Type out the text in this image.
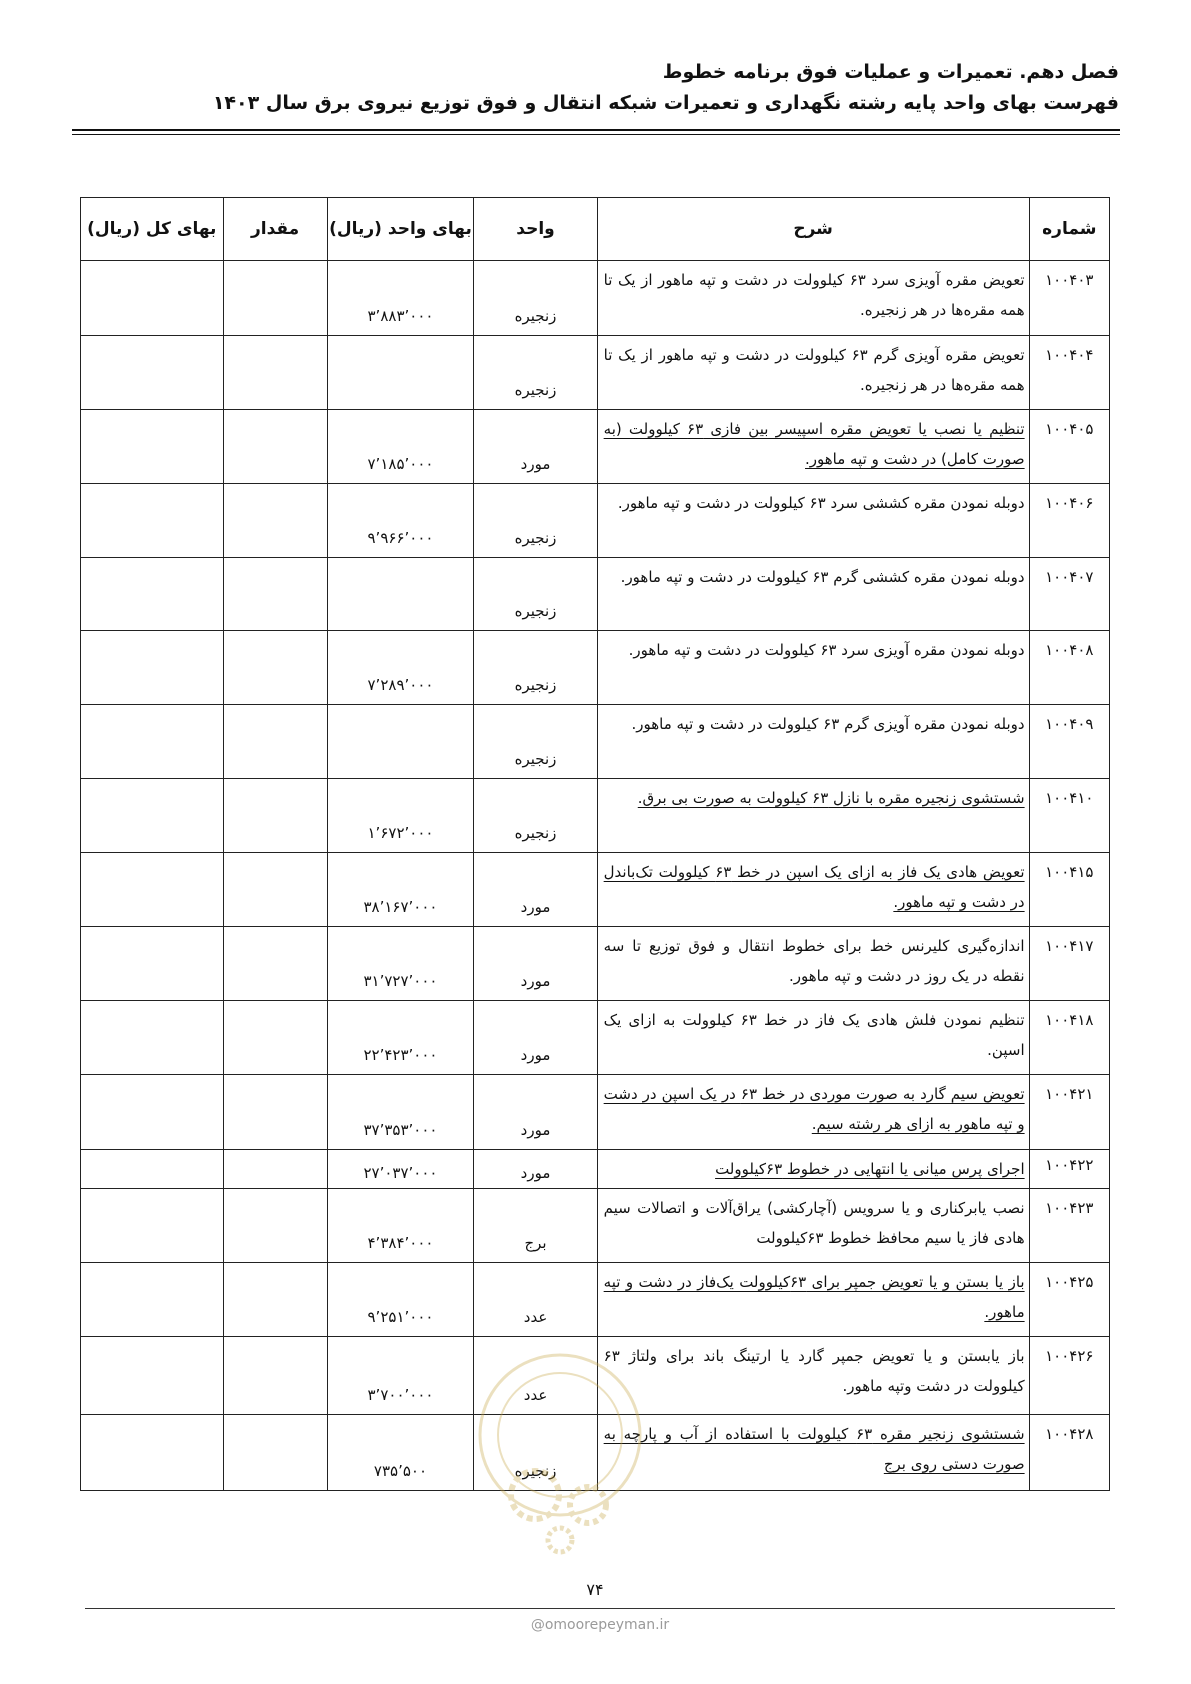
فصل دهم. تعمیرات و عملیات فوق برنامه خطوط
فهرست بهای واحد پایه رشته نگهداری و تعمیرات شبکه انتقال و فوق توزیع نیروی برق سال ۱۴۰۳
شماره	شرح	واحد	بهای واحد (ریال)	مقدار	بهای کل (ریال)
۱۰۰۴۰۳	تعویض مقره آویزی سرد ۶۳ کیلوولت در دشت و تپه ماهور از یک تا همه مقره‌ها در هر زنجیره.	زنجیره	۳٬۸۸۳٬۰۰۰		
۱۰۰۴۰۴	تعویض مقره آویزی گرم ۶۳ کیلوولت در دشت و تپه ماهور از یک تا همه مقره‌ها در هر زنجیره.	زنجیره			
۱۰۰۴۰۵	تنظیم یا نصب یا تعویض مقره اسپیسر بین فازی ۶۳ کیلوولت (به صورت کامل) در دشت و تپه ماهور.	مورد	۷٬۱۸۵٬۰۰۰		
۱۰۰۴۰۶	دوبله نمودن مقره کششی سرد ۶۳ کیلوولت در دشت و تپه ماهور.	زنجیره	۹٬۹۶۶٬۰۰۰		
۱۰۰۴۰۷	دوبله نمودن مقره کششی گرم ۶۳ کیلوولت در دشت و تپه ماهور.	زنجیره			
۱۰۰۴۰۸	دوبله نمودن مقره آویزی سرد ۶۳ کیلوولت در دشت و تپه ماهور.	زنجیره	۷٬۲۸۹٬۰۰۰		
۱۰۰۴۰۹	دوبله نمودن مقره آویزی گرم ۶۳ کیلوولت در دشت و تپه ماهور.	زنجیره			
۱۰۰۴۱۰	شستشوی زنجیره مقره با نازل ۶۳ کیلوولت به صورت بی برق.	زنجیره	۱٬۶۷۲٬۰۰۰		
۱۰۰۴۱۵	تعویض هادی یک فاز به ازای یک اسپن در خط ۶۳ کیلوولت تک‌باندل در دشت و تپه ماهور.	مورد	۳۸٬۱۶۷٬۰۰۰		
۱۰۰۴۱۷	اندازه‌گیری کلیرنس خط برای خطوط انتقال و فوق توزیع تا سه نقطه در یک روز در دشت و تپه ماهور.	مورد	۳۱٬۷۲۷٬۰۰۰		
۱۰۰۴۱۸	تنظیم نمودن فلش هادی یک فاز در خط ۶۳ کیلوولت به ازای یک اسپن.	مورد	۲۲٬۴۲۳٬۰۰۰		
۱۰۰۴۲۱	تعویض سیم گارد به صورت موردی در خط ۶۳ در یک اسپن در دشت و تپه ماهور به ازای هر رشته سیم.	مورد	۳۷٬۳۵۳٬۰۰۰		
۱۰۰۴۲۲	اجرای پرس میانی یا انتهایی در خطوط ۶۳کیلوولت	مورد	۲۷٬۰۳۷٬۰۰۰		
۱۰۰۴۲۳	نصب یابرکناری و یا سرویس (آچارکشی) یراق‌آلات و اتصالات سیم هادی فاز یا سیم محافظ خطوط ۶۳کیلوولت	برج	۴٬۳۸۴٬۰۰۰		
۱۰۰۴۲۵	باز یا بستن و یا تعویض جمپر برای ۶۳کیلوولت یک‌فاز در دشت و تپه ماهور.	عدد	۹٬۲۵۱٬۰۰۰		
۱۰۰۴۲۶	باز یابستن و یا تعویض جمپر گارد یا ارتینگ باند برای ولتاژ ۶۳ کیلوولت در دشت وتپه ماهور.	عدد	۳٬۷۰۰٬۰۰۰		
۱۰۰۴۲۸	شستشوی زنجیر مقره ۶۳ کیلوولت با استفاده از آب و پارچه به صورت دستی روی برج	زنجیره	۷۳۵٬۵۰۰		
۷۴
@omoorepeyman.ir
